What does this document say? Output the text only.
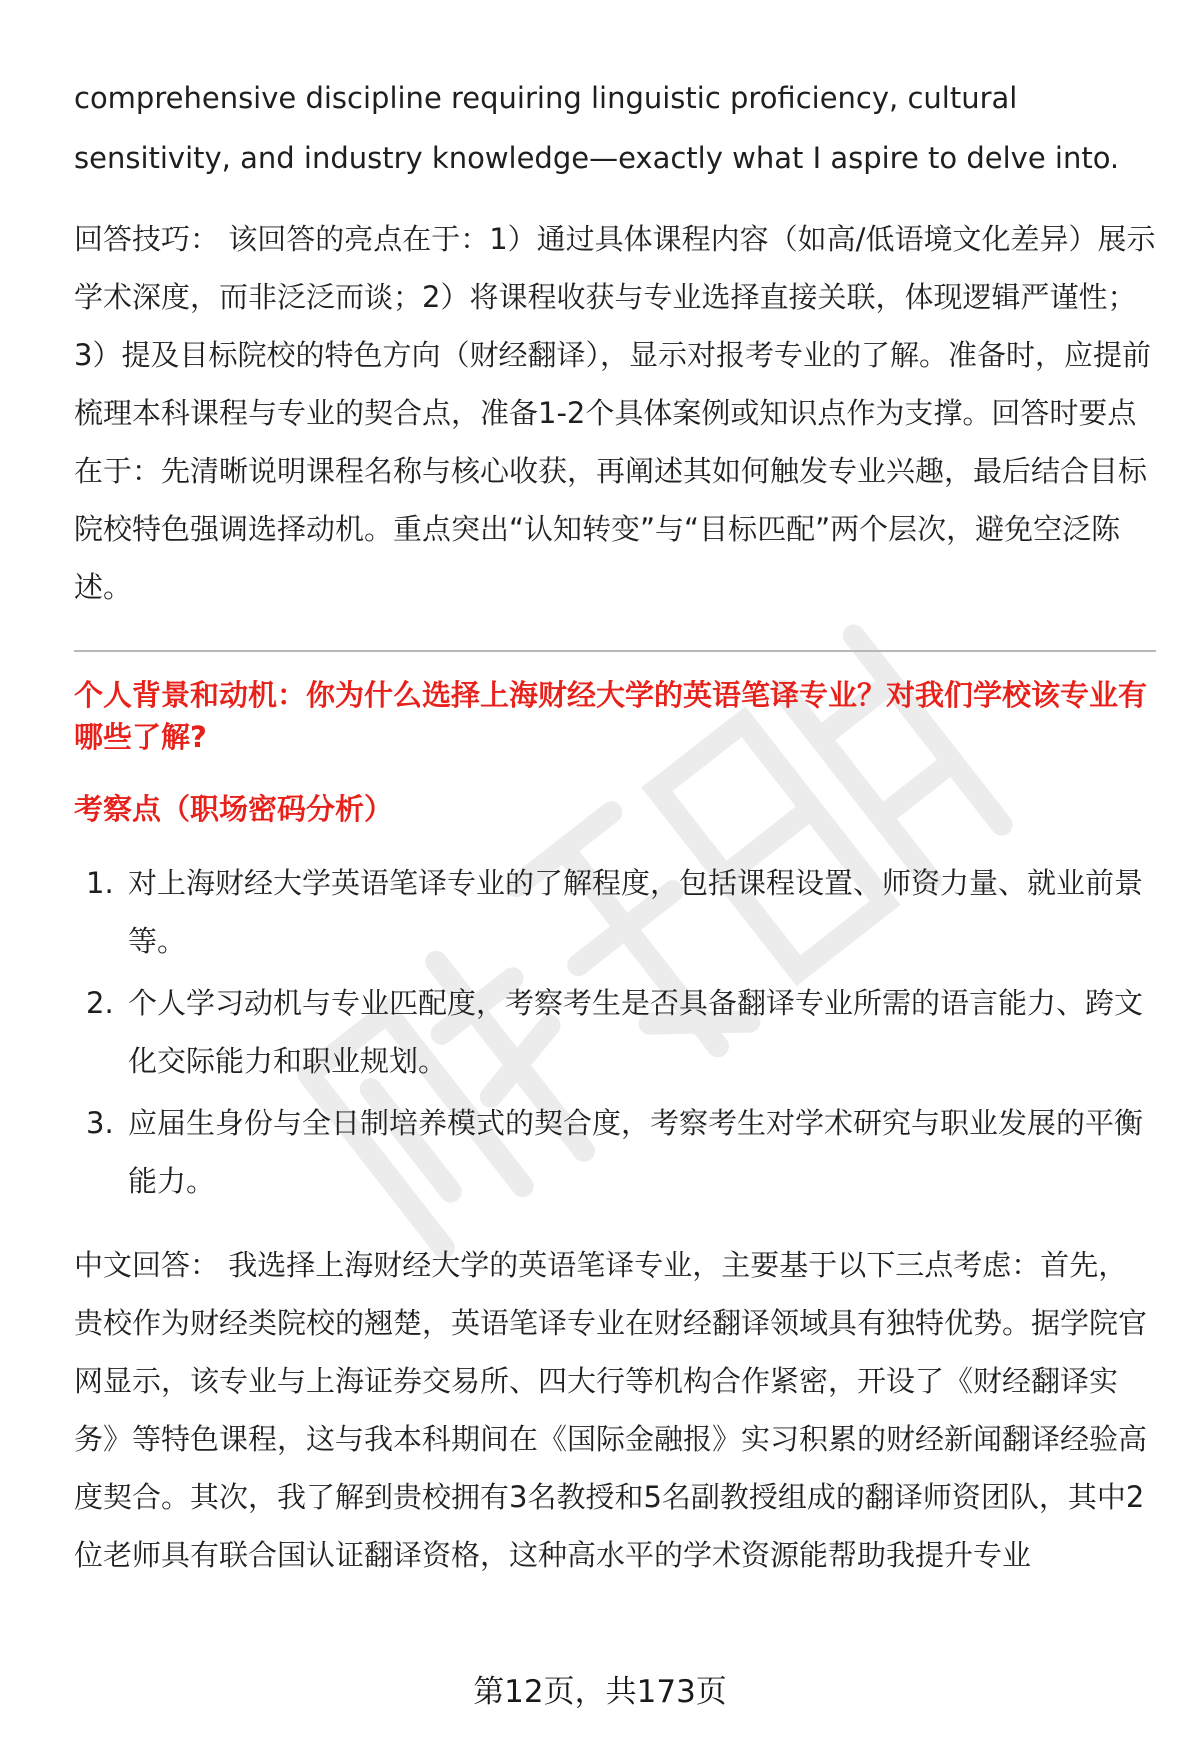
comprehensive discipline requiring linguistic proficiency, cultural sensitivity, and industry knowledge—exactly what I aspire to delve into.

回答技巧： 该回答的亮点在于：1）通过具体课程内容（如高/低语境文化差异）展示学术深度，而非泛泛而谈；2）将课程收获与专业选择直接关联，体现逻辑严谨性；3）提及目标院校的特色方向（财经翻译），显示对报考专业的了解。准备时，应提前梳理本科课程与专业的契合点，准备1-2个具体案例或知识点作为支撑。回答时要点在于：先清晰说明课程名称与核心收获，再阐述其如何触发专业兴趣，最后结合目标院校特色强调选择动机。重点突出“认知转变”与“目标匹配”两个层次，避免空泛陈述。

个人背景和动机：你为什么选择上海财经大学的英语笔译专业？对我们学校该专业有哪些了解?

考察点（职场密码分析）

1. 对上海财经大学英语笔译专业的了解程度，包括课程设置、师资力量、就业前景等。
2. 个人学习动机与专业匹配度，考察考生是否具备翻译专业所需的语言能力、跨文化交际能力和职业规划。
3. 应届生身份与全日制培养模式的契合度，考察考生对学术研究与职业发展的平衡能力。

中文回答： 我选择上海财经大学的英语笔译专业，主要基于以下三点考虑：首先，贵校作为财经类院校的翘楚，英语笔译专业在财经翻译领域具有独特优势。据学院官网显示，该专业与上海证券交易所、四大行等机构合作紧密，开设了《财经翻译实务》等特色课程，这与我本科期间在《国际金融报》实习积累的财经新闻翻译经验高度契合。其次，我了解到贵校拥有3名教授和5名副教授组成的翻译师资团队，其中2位老师具有联合国认证翻译资格，这种高水平的学术资源能帮助我提升专业

第12页，共173页
